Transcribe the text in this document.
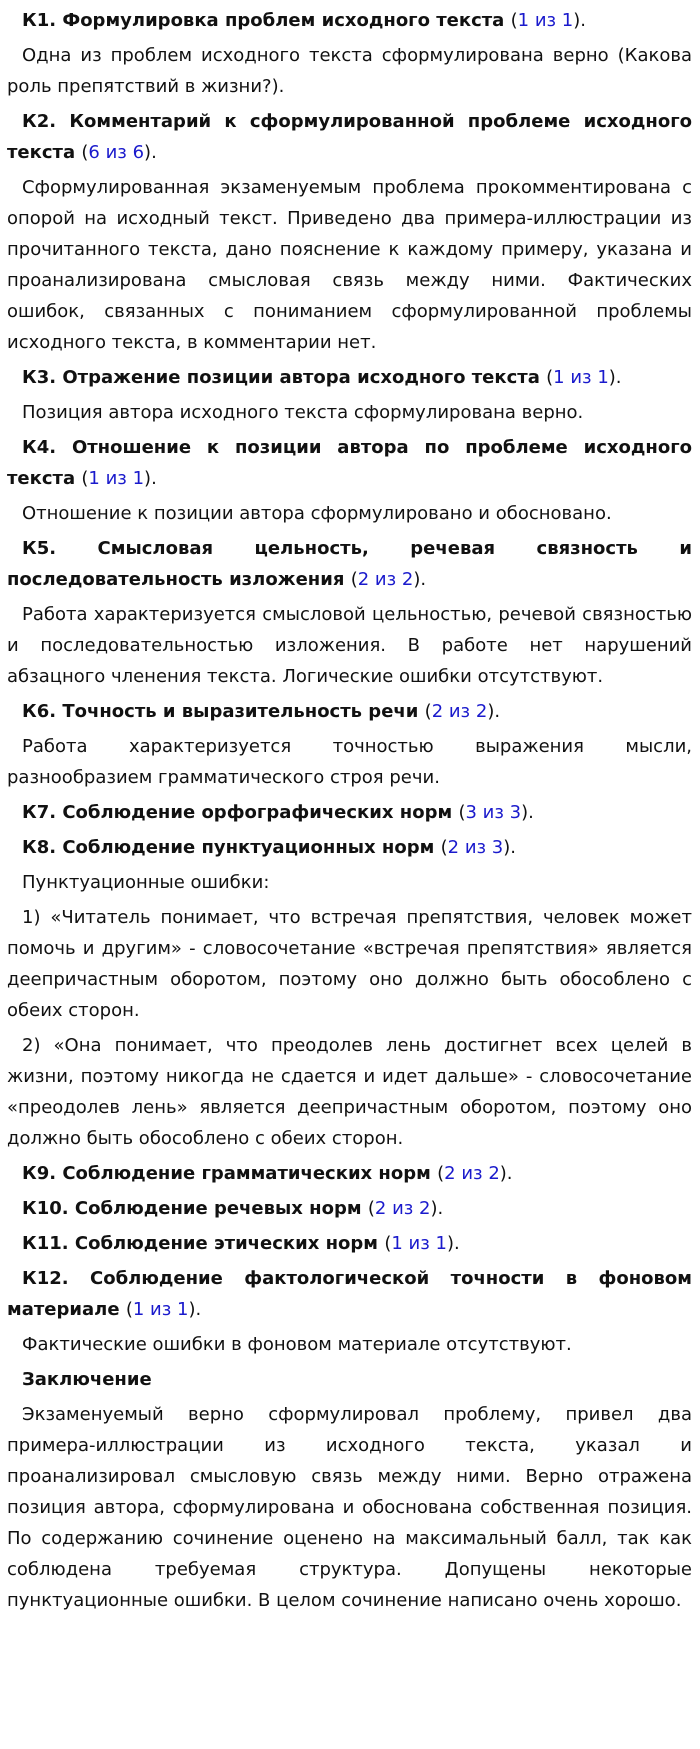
К1. Формулировка проблем исходного текста (1 из 1).

Одна из проблем исходного текста сформулирована верно (Какова роль препятствий в жизни?).

К2. Комментарий к сформулированной проблеме исходного текста (6 из 6).

Сформулированная экзаменуемым проблема прокомментирована с опорой на исходный текст. Приведено два примера-иллюстрации из прочитанного текста, дано пояснение к каждому примеру, указана и проанализирована смысловая связь между ними. Фактических ошибок, связанных с пониманием сформулированной проблемы исходного текста, в комментарии нет.

К3. Отражение позиции автора исходного текста (1 из 1).

Позиция автора исходного текста сформулирована верно.

К4. Отношение к позиции автора по проблеме исходного текста (1 из 1).

Отношение к позиции автора сформулировано и обосновано.

К5. Смысловая цельность, речевая связность и последовательность изложения (2 из 2).

Работа характеризуется смысловой цельностью, речевой связностью и последовательностью изложения. В работе нет нарушений абзацного членения текста. Логические ошибки отсутствуют.

К6. Точность и выразительность речи (2 из 2).

Работа характеризуется точностью выражения мысли, разнообразием грамматического строя речи.

К7. Соблюдение орфографических норм (3 из 3).

К8. Соблюдение пунктуационных норм (2 из 3).

Пунктуационные ошибки:

1) «Читатель понимает, что встречая препятствия, человек может помочь и другим» - словосочетание «встречая препятствия» является деепричастным оборотом, поэтому оно должно быть обособлено с обеих сторон.

2) «Она понимает, что преодолев лень достигнет всех целей в жизни, поэтому никогда не сдается и идет дальше» - словосочетание «преодолев лень» является деепричастным оборотом, поэтому оно должно быть обособлено с обеих сторон.

К9. Соблюдение грамматических норм (2 из 2).

К10. Соблюдение речевых норм (2 из 2).

К11. Соблюдение этических норм (1 из 1).

К12. Соблюдение фактологической точности в фоновом материале (1 из 1).

Фактические ошибки в фоновом материале отсутствуют.

Заключение

Экзаменуемый верно сформулировал проблему, привел два примера-иллюстрации из исходного текста, указал и проанализировал смысловую связь между ними. Верно отражена позиция автора, сформулирована и обоснована собственная позиция. По содержанию сочинение оценено на максимальный балл, так как соблюдена требуемая структура. Допущены некоторые пунктуационные ошибки. В целом сочинение написано очень хорошо.
